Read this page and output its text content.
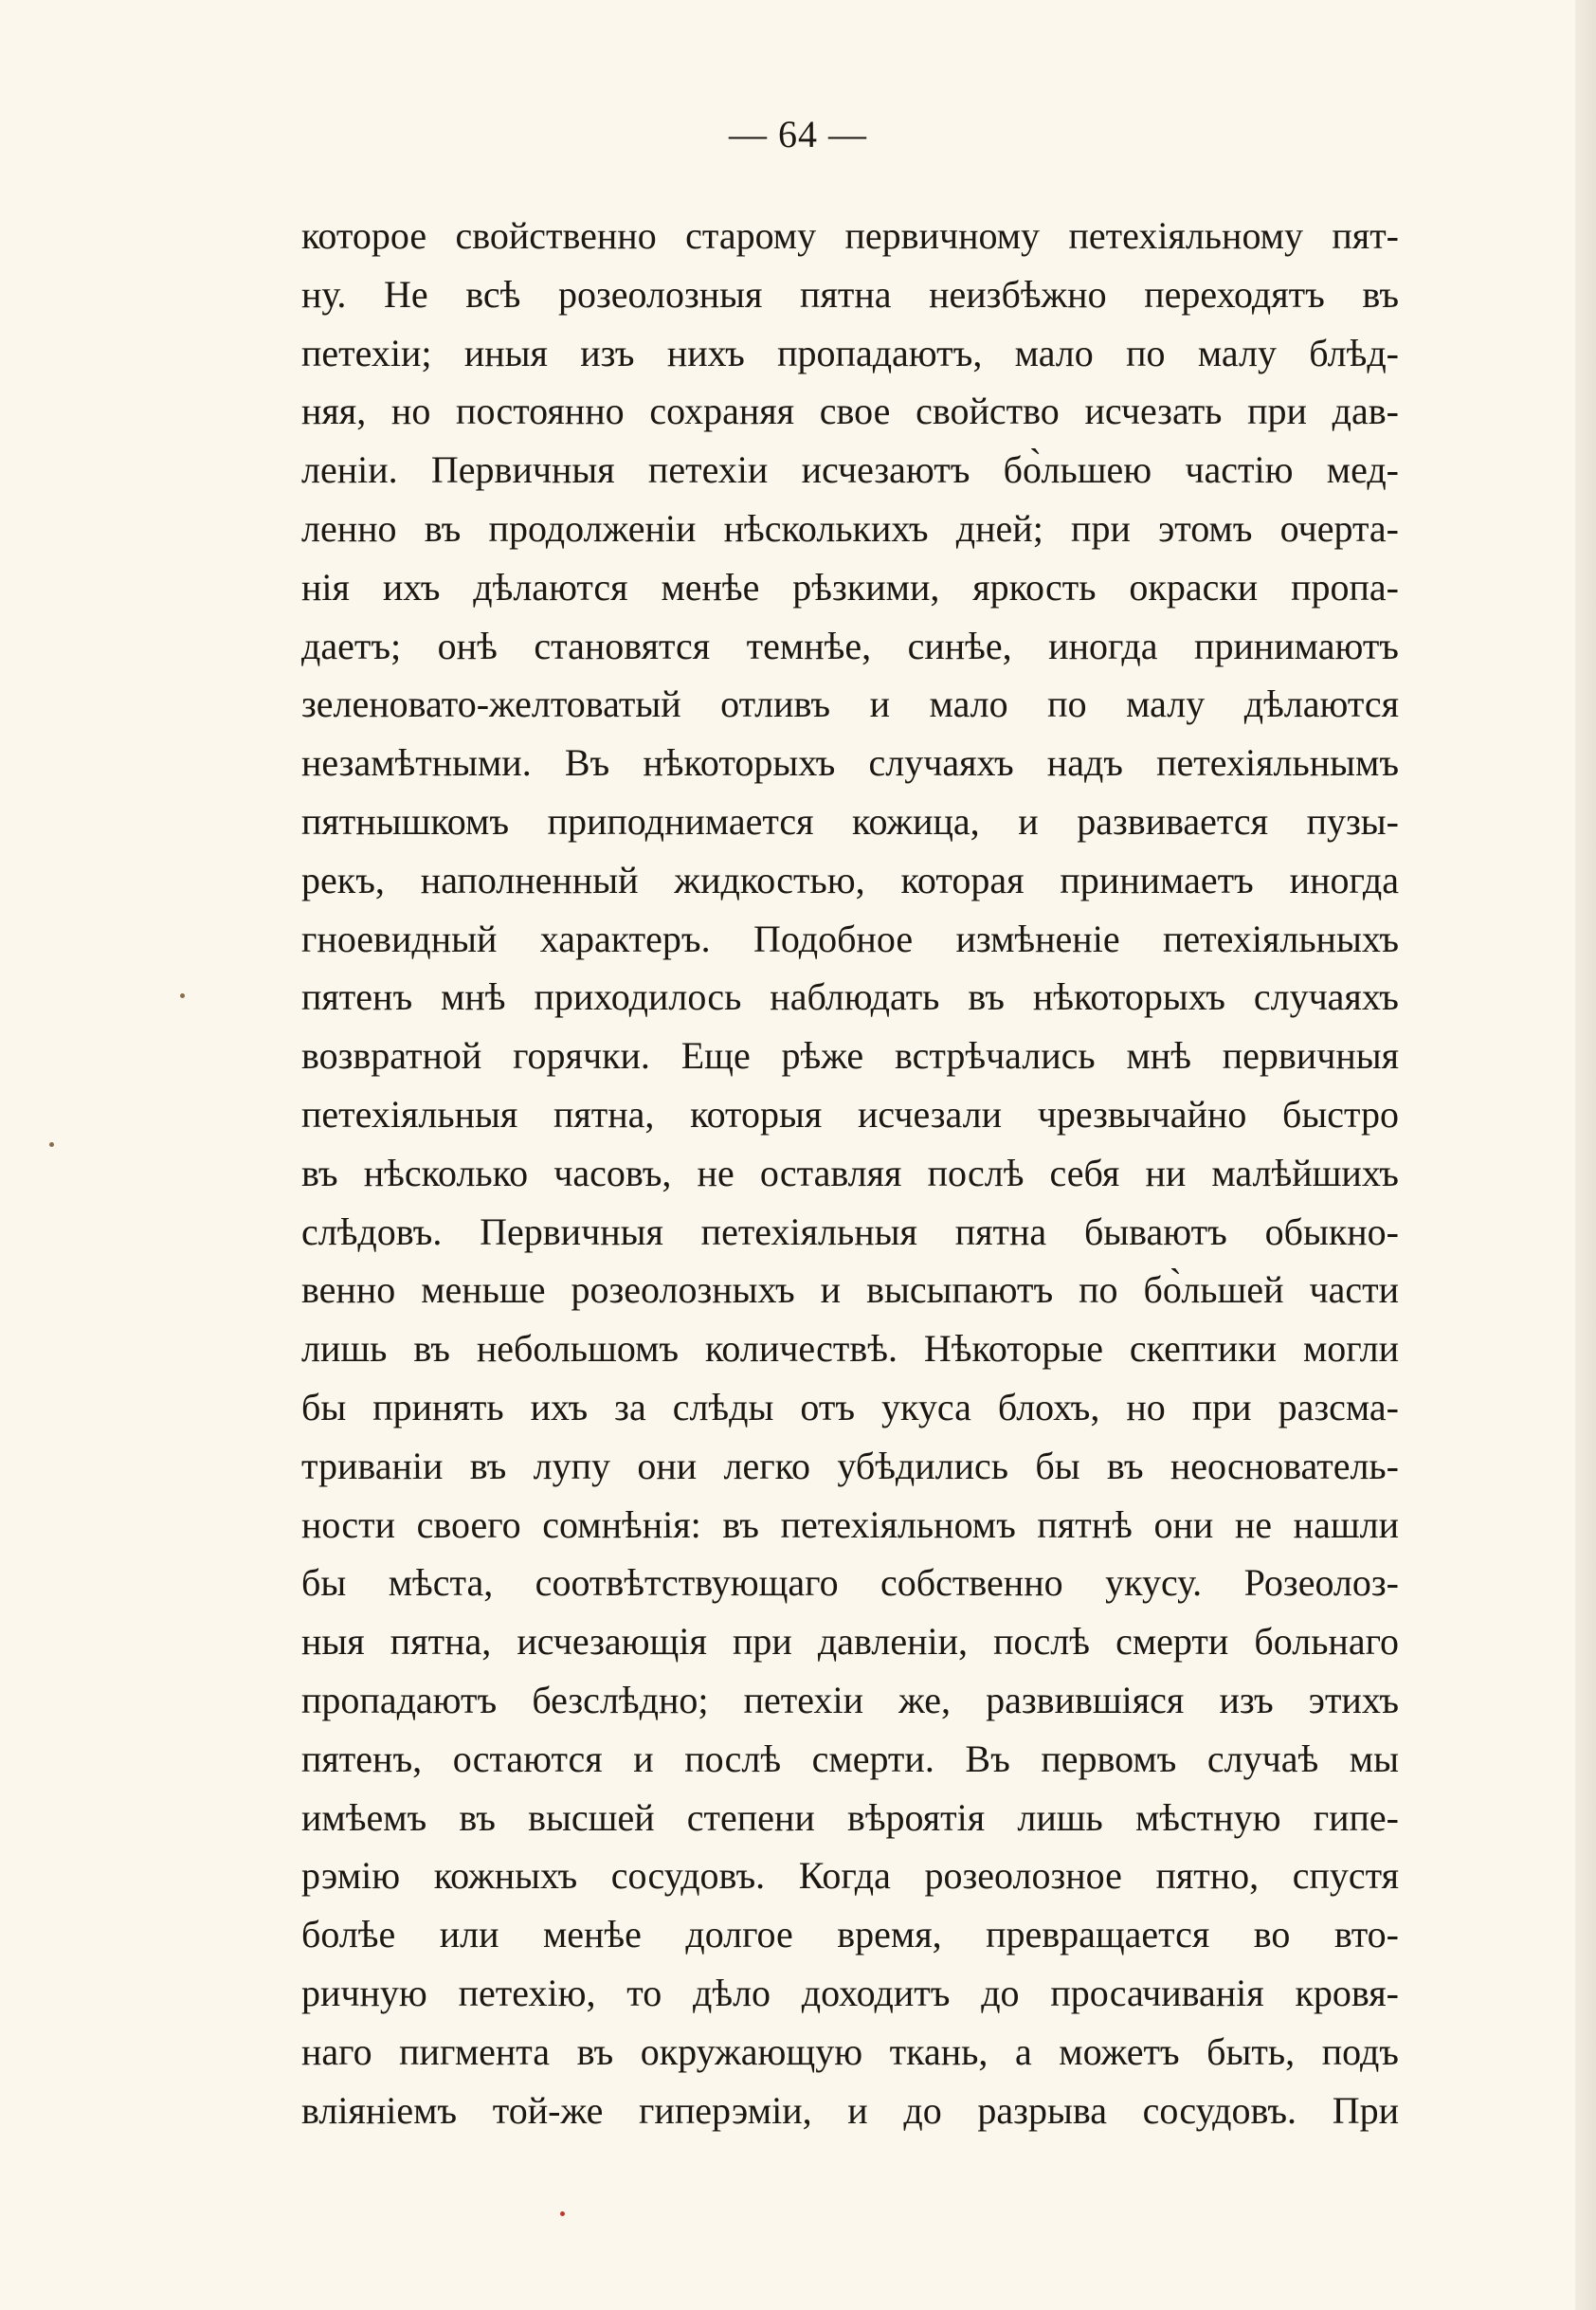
— 64 —
которое свойственно старому первичному петехіяльному пят-
ну. Не всѣ розеолозныя пятна неизбѣжно переходятъ въ
петехіи; иныя изъ нихъ пропадаютъ, мало по малу блѣд-
няя, но постоянно сохраняя свое свойство исчезать при дав-
леніи. Первичныя петехіи исчезаютъ бо̀льшею частію мед-
ленно въ продолженіи нѣсколькихъ дней; при этомъ очерта-
нія ихъ дѣлаются менѣе рѣзкими, яркость окраски пропа-
даетъ; онѣ становятся темнѣе, синѣе, иногда принимаютъ
зеленовато-желтоватый отливъ и мало по малу дѣлаются
незамѣтными. Въ нѣкоторыхъ случаяхъ надъ петехіяльнымъ
пятнышкомъ приподнимается кожица, и развивается пузы-
рекъ, наполненный жидкостью, которая принимаетъ иногда
гноевидный характеръ. Подобное измѣненіе петехіяльныхъ
пятенъ мнѣ приходилось наблюдать въ нѣкоторыхъ случаяхъ
возвратной горячки. Еще рѣже встрѣчались мнѣ первичныя
петехіяльныя пятна, которыя исчезали чрезвычайно быстро
въ нѣсколько часовъ, не оставляя послѣ себя ни малѣйшихъ
слѣдовъ. Первичныя петехіяльныя пятна бываютъ обыкно-
венно меньше розеолозныхъ и высыпаютъ по бо̀льшей части
лишь въ небольшомъ количествѣ. Нѣкоторые скептики могли
бы принять ихъ за слѣды отъ укуса блохъ, но при разсма-
триваніи въ лупу они легко убѣдились бы въ неоснователь-
ности своего сомнѣнія: въ петехіяльномъ пятнѣ они не нашли
бы мѣста, соотвѣтствующаго собственно укусу. Розеолоз-
ныя пятна, исчезающія при давленіи, послѣ смерти больнаго
пропадаютъ безслѣдно; петехіи же, развившіяся изъ этихъ
пятенъ, остаются и послѣ смерти. Въ первомъ случаѣ мы
имѣемъ въ высшей степени вѣроятія лишь мѣстную гипе-
рэмію кожныхъ сосудовъ. Когда розеолозное пятно, спустя
болѣе или менѣе долгое время, превращается во вто-
ричную петехію, то дѣло доходитъ до просачиванія кровя-
наго пигмента въ окружающую ткань, а можетъ быть, подъ
вліяніемъ той-же гиперэміи, и до разрыва сосудовъ. При
